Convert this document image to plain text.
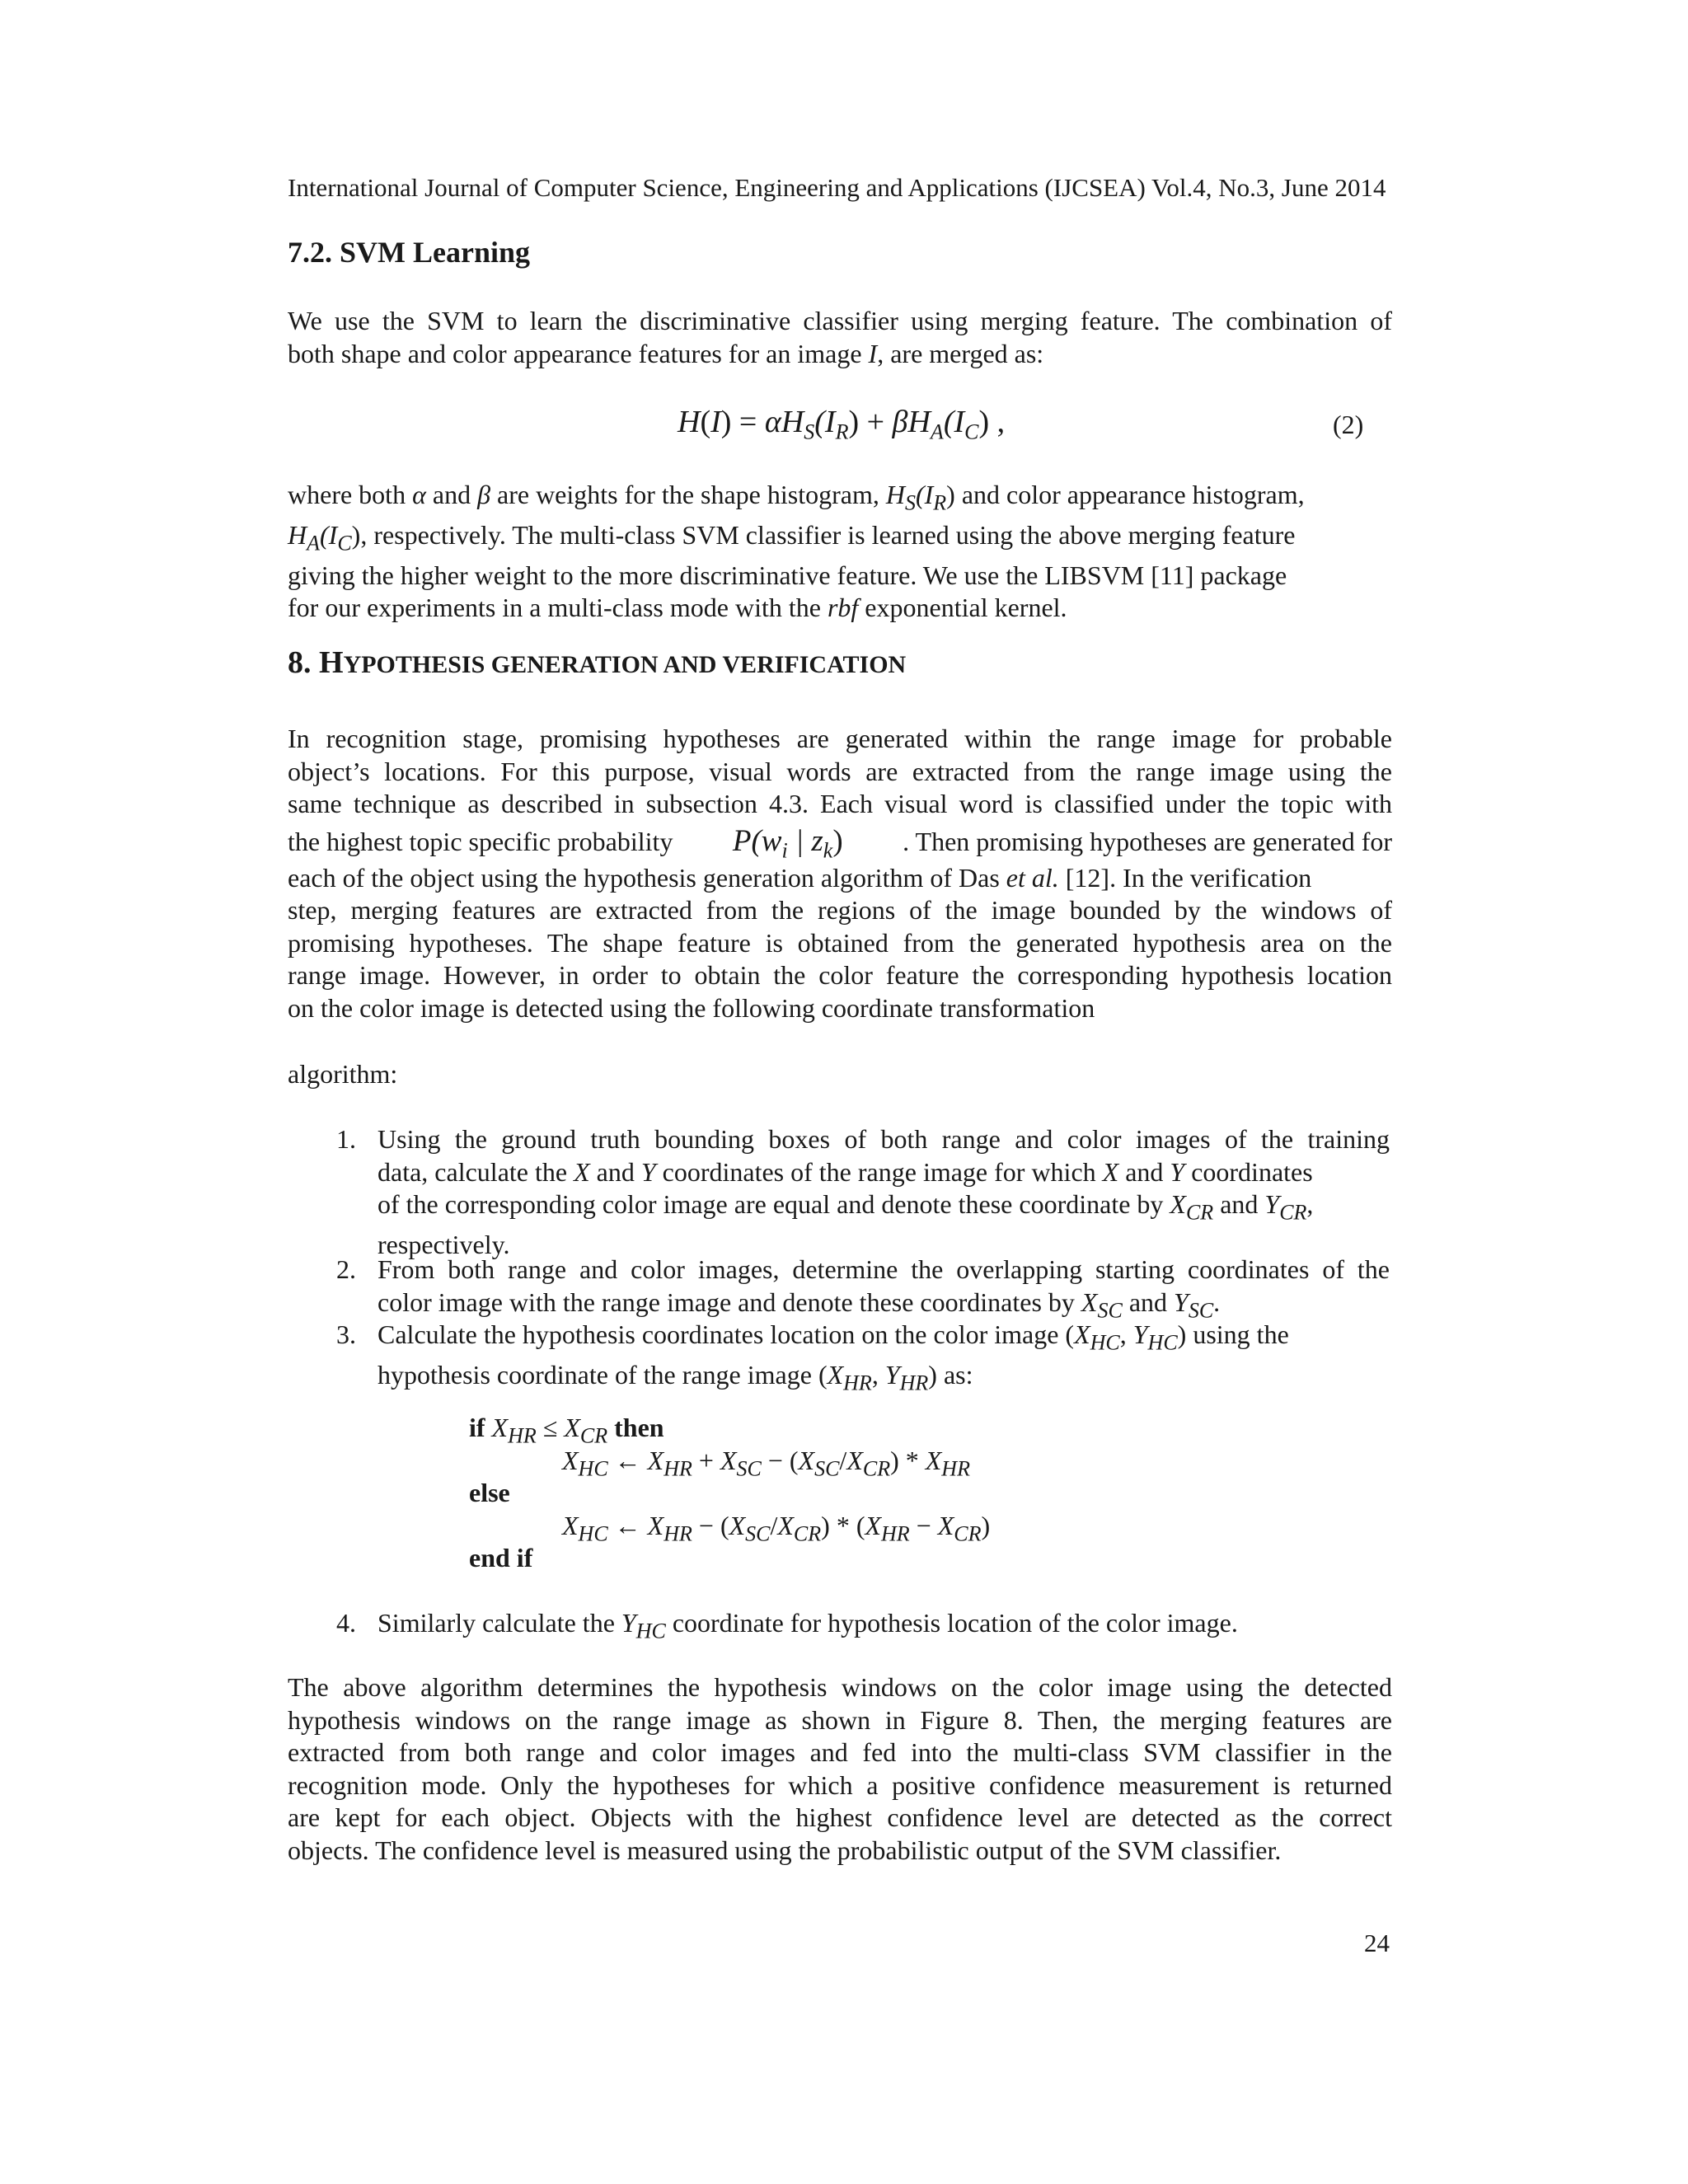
International Journal of Computer Science, Engineering and Applications (IJCSEA) Vol.4, No.3, June 2014
7.2. SVM Learning
We use the SVM to learn the discriminative classifier using merging feature. The combination of
both shape and color appearance features for an image I, are merged as:
$H(I) = \alpha H_S(I_R) + \beta H_A(I_C)$ ,	(2)
where both α and β are weights for the shape histogram, $H_S(I_R)$ and color appearance histogram,
$H_A(I_C)$, respectively. The multi-class SVM classifier is learned using the above merging feature
giving the higher weight to the more discriminative feature. We use the LIBSVM [11] package
for our experiments in a multi-class mode with the rbf exponential kernel.
8. HYPOTHESIS GENERATION AND VERIFICATION
In recognition stage, promising hypotheses are generated within the range image for probable
object’s locations. For this purpose, visual words are extracted from the range image using the
same technique as described in subsection 4.3. Each visual word is classified under the topic with
the highest topic specific probability $P(w_i$ | $z_k$) . Then promising hypotheses are generated for
each of the object using the hypothesis generation algorithm of Das et al. [12]. In the verification
step, merging features are extracted from the regions of the image bounded by the windows of
promising hypotheses. The shape feature is obtained from the generated hypothesis area on the
range image. However, in order to obtain the color feature the corresponding hypothesis location
on the color image is detected using the following coordinate transformation
algorithm:
1. Using the ground truth bounding boxes of both range and color images of the training
data, calculate the X and Y coordinates of the range image for which X and Y coordinates
of the corresponding color image are equal and denote these coordinate by $X_{CR}$ and $Y_{CR}$,
respectively.
2. From both range and color images, determine the overlapping starting coordinates of the
color image with the range image and denote these coordinates by $X_{SC}$ and $Y_{SC}$.
3. Calculate the hypothesis coordinates location on the color image ($X_{HC}$, $Y_{HC}$) using the
hypothesis coordinate of the range image ($X_{HR}$, $Y_{HR}$) as:
if $X_{HR} \le X_{CR}$ then
$X_{HC}$ ← $X_{HR} + X_{SC} - (X_{SC}/X_{CR}) * X_{HR}$
else
$X_{HC}$ ← $X_{HR} - (X_{SC}/X_{CR}) * (X_{HR} - X_{CR})$
end if
4. Similarly calculate the $Y_{HC}$ coordinate for hypothesis location of the color image.
The above algorithm determines the hypothesis windows on the color image using the detected
hypothesis windows on the range image as shown in Figure 8. Then, the merging features are
extracted from both range and color images and fed into the multi-class SVM classifier in the
recognition mode. Only the hypotheses for which a positive confidence measurement is returned
are kept for each object. Objects with the highest confidence level are detected as the correct
objects. The confidence level is measured using the probabilistic output of the SVM classifier.
24
